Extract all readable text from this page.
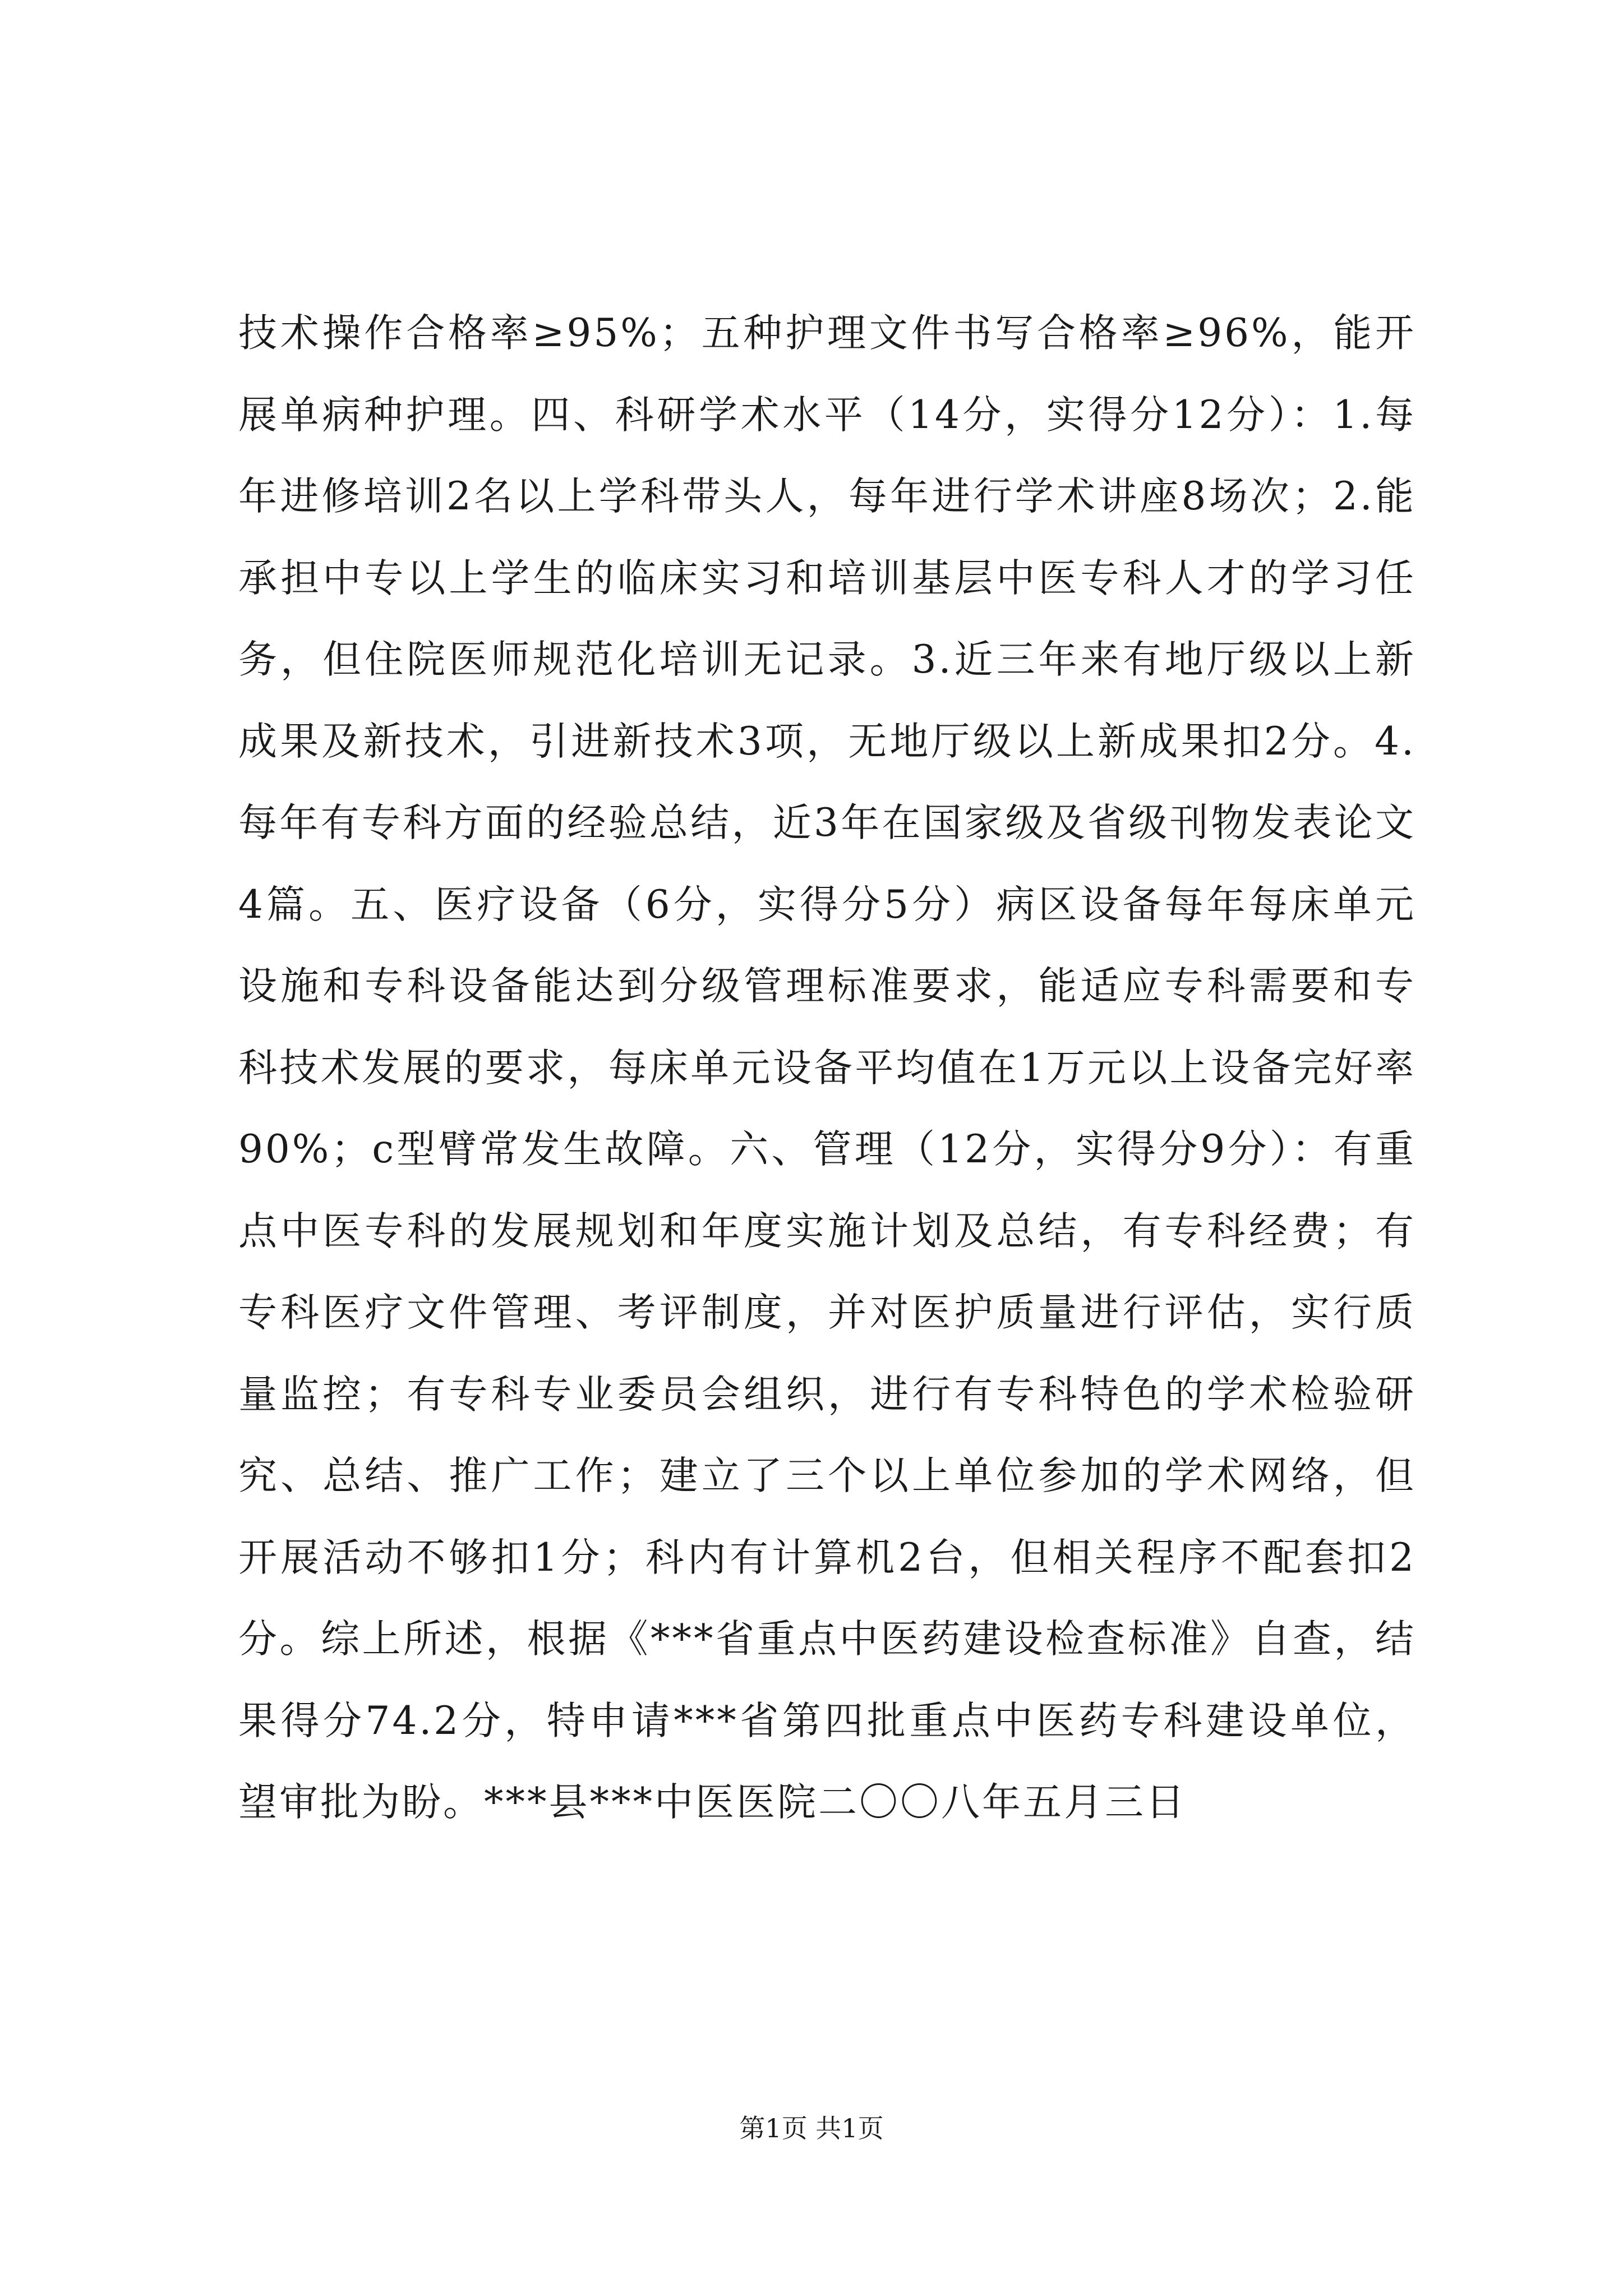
技术操作合格率≥95%；五种护理文件书写合格率≥96%，能开展单病种护理。四、科研学术水平（14分，实得分12分）：1.每年进修培训2名以上学科带头人，每年进行学术讲座8场次；2.能承担中专以上学生的临床实习和培训基层中医专科人才的学习任务，但住院医师规范化培训无记录。3.近三年来有地厅级以上新成果及新技术，引进新技术3项，无地厅级以上新成果扣2分。4.每年有专科方面的经验总结，近3年在国家级及省级刊物发表论文4篇。五、医疗设备（6分，实得分5分）病区设备每年每床单元设施和专科设备能达到分级管理标准要求，能适应专科需要和专科技术发展的要求，每床单元设备平均值在1万元以上设备完好率90%；c型臂常发生故障。六、管理（12分，实得分9分）：有重点中医专科的发展规划和年度实施计划及总结，有专科经费；有专科医疗文件管理、考评制度，并对医护质量进行评估，实行质量监控；有专科专业委员会组织，进行有专科特色的学术检验研究、总结、推广工作；建立了三个以上单位参加的学术网络，但开展活动不够扣1分；科内有计算机2台，但相关程序不配套扣2分。综上所述，根据《***省重点中医药建设检查标准》自查，结果得分74.2分，特申请***省第四批重点中医药专科建设单位，望审批为盼。***县***中医医院二〇〇八年五月三日

第1页 共1页
